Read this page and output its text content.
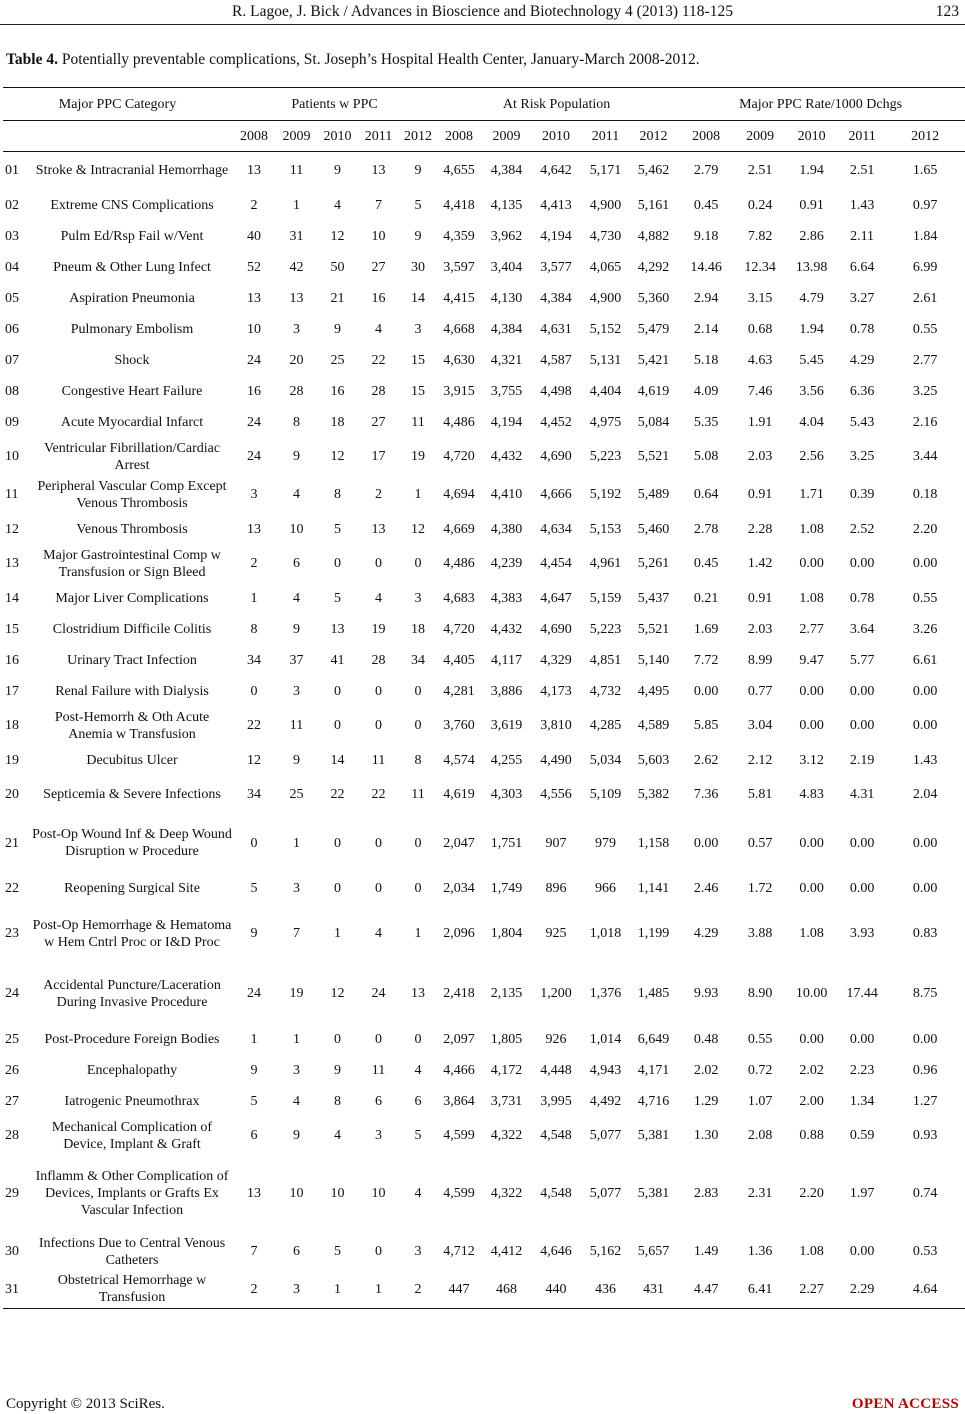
R. Lagoe, J. Bick / Advances in Bioscience and Biotechnology 4 (2013) 118-125	123
Table 4. Potentially preventable complications, St. Joseph’s Hospital Health Center, January-March 2008-2012.
Major PPC Category		Patients w PPC					At Risk Population					Major PPC Rate/1000 Dchgs				
		2008	2009	2010	2011	2012	2008	2009	2010	2011	2012	2008	2009	2010	2011	2012
01	Stroke & Intracranial Hemorrhage	13	11	9	13	9	4,655	4,384	4,642	5,171	5,462	2.79	2.51	1.94	2.51	1.65
02	Extreme CNS Complications	2	1	4	7	5	4,418	4,135	4,413	4,900	5,161	0.45	0.24	0.91	1.43	0.97
03	Pulm Ed/Rsp Fail w/Vent	40	31	12	10	9	4,359	3,962	4,194	4,730	4,882	9.18	7.82	2.86	2.11	1.84
04	Pneum & Other Lung Infect	52	42	50	27	30	3,597	3,404	3,577	4,065	4,292	14.46	12.34	13.98	6.64	6.99
05	Aspiration Pneumonia	13	13	21	16	14	4,415	4,130	4,384	4,900	5,360	2.94	3.15	4.79	3.27	2.61
06	Pulmonary Embolism	10	3	9	4	3	4,668	4,384	4,631	5,152	5,479	2.14	0.68	1.94	0.78	0.55
07	Shock	24	20	25	22	15	4,630	4,321	4,587	5,131	5,421	5.18	4.63	5.45	4.29	2.77
08	Congestive Heart Failure	16	28	16	28	15	3,915	3,755	4,498	4,404	4,619	4.09	7.46	3.56	6.36	3.25
09	Acute Myocardial Infarct	24	8	18	27	11	4,486	4,194	4,452	4,975	5,084	5.35	1.91	4.04	5.43	2.16
10	Ventricular Fibrillation/Cardiac Arrest	24	9	12	17	19	4,720	4,432	4,690	5,223	5,521	5.08	2.03	2.56	3.25	3.44
11	Peripheral Vascular Comp Except Venous Thrombosis	3	4	8	2	1	4,694	4,410	4,666	5,192	5,489	0.64	0.91	1.71	0.39	0.18
12	Venous Thrombosis	13	10	5	13	12	4,669	4,380	4,634	5,153	5,460	2.78	2.28	1.08	2.52	2.20
13	Major Gastrointestinal Comp w Transfusion or Sign Bleed	2	6	0	0	0	4,486	4,239	4,454	4,961	5,261	0.45	1.42	0.00	0.00	0.00
14	Major Liver Complications	1	4	5	4	3	4,683	4,383	4,647	5,159	5,437	0.21	0.91	1.08	0.78	0.55
15	Clostridium Difficile Colitis	8	9	13	19	18	4,720	4,432	4,690	5,223	5,521	1.69	2.03	2.77	3.64	3.26
16	Urinary Tract Infection	34	37	41	28	34	4,405	4,117	4,329	4,851	5,140	7.72	8.99	9.47	5.77	6.61
17	Renal Failure with Dialysis	0	3	0	0	0	4,281	3,886	4,173	4,732	4,495	0.00	0.77	0.00	0.00	0.00
18	Post-Hemorrh & Oth Acute Anemia w Transfusion	22	11	0	0	0	3,760	3,619	3,810	4,285	4,589	5.85	3.04	0.00	0.00	0.00
19	Decubitus Ulcer	12	9	14	11	8	4,574	4,255	4,490	5,034	5,603	2.62	2.12	3.12	2.19	1.43
20	Septicemia & Severe Infections	34	25	22	22	11	4,619	4,303	4,556	5,109	5,382	7.36	5.81	4.83	4.31	2.04
21	Post-Op Wound Inf & Deep Wound Disruption w Procedure	0	1	0	0	0	2,047	1,751	907	979	1,158	0.00	0.57	0.00	0.00	0.00
22	Reopening Surgical Site	5	3	0	0	0	2,034	1,749	896	966	1,141	2.46	1.72	0.00	0.00	0.00
23	Post-Op Hemorrhage & Hematoma w Hem Cntrl Proc or I&D Proc	9	7	1	4	1	2,096	1,804	925	1,018	1,199	4.29	3.88	1.08	3.93	0.83
24	Accidental Puncture/Laceration During Invasive Procedure	24	19	12	24	13	2,418	2,135	1,200	1,376	1,485	9.93	8.90	10.00	17.44	8.75
25	Post-Procedure Foreign Bodies	1	1	0	0	0	2,097	1,805	926	1,014	6,649	0.48	0.55	0.00	0.00	0.00
26	Encephalopathy	9	3	9	11	4	4,466	4,172	4,448	4,943	4,171	2.02	0.72	2.02	2.23	0.96
27	Iatrogenic Pneumothrax	5	4	8	6	6	3,864	3,731	3,995	4,492	4,716	1.29	1.07	2.00	1.34	1.27
28	Mechanical Complication of Device, Implant & Graft	6	9	4	3	5	4,599	4,322	4,548	5,077	5,381	1.30	2.08	0.88	0.59	0.93
29	Inflamm & Other Complication of Devices, Implants or Grafts Ex Vascular Infection	13	10	10	10	4	4,599	4,322	4,548	5,077	5,381	2.83	2.31	2.20	1.97	0.74
30	Infections Due to Central Venous Catheters	7	6	5	0	3	4,712	4,412	4,646	5,162	5,657	1.49	1.36	1.08	0.00	0.53
31	Obstetrical Hemorrhage w Transfusion	2	3	1	1	2	447	468	440	436	431	4.47	6.41	2.27	2.29	4.64
Copyright © 2013 SciRes.	OPEN ACCESS
